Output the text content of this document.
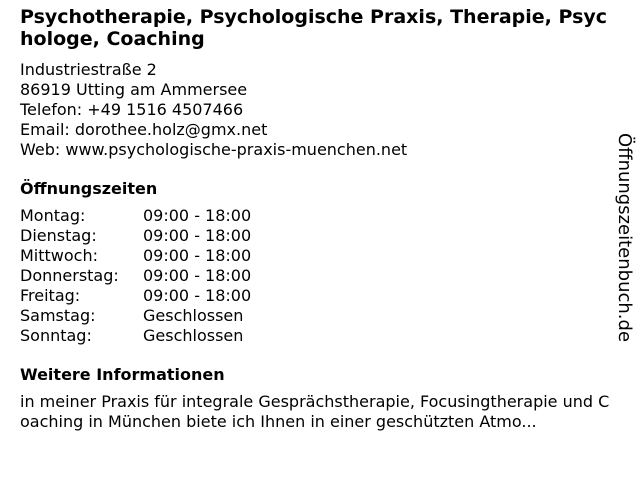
Psychotherapie, Psychologische Praxis, Therapie, Psychologe, Coaching
Industriestraße 2
86919 Utting am Ammersee
Telefon: +49 1516 4507466
Email: dorothee.holz@gmx.net
Web: www.psychologische-praxis-muenchen.net
Öffnungszeiten
Montag:	09:00 - 18:00
Dienstag:	09:00 - 18:00
Mittwoch:	09:00 - 18:00
Donnerstag:	09:00 - 18:00
Freitag:	09:00 - 18:00
Samstag:	Geschlossen
Sonntag:	Geschlossen
Weitere Informationen
in meiner Praxis für integrale Gesprächstherapie, Focusingtherapie und Coaching in München biete ich Ihnen in einer geschützten Atmo...
Öffnungszeitenbuch.de
